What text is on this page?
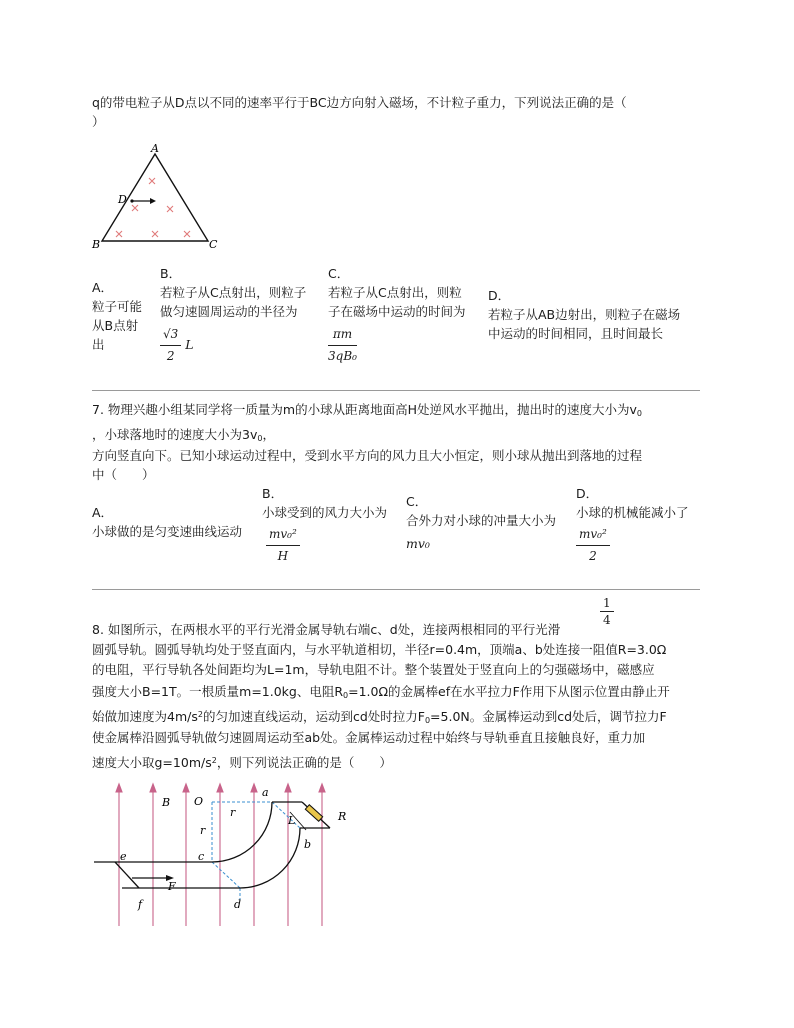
q的带电粒子从D点以不同的速率平行于BC边方向射入磁场，不计粒子重力，下列说法正确的是（
）
A
D
B	C
A．
粒子可能
从B点射
出
B．
若粒子从C点射出，则粒子
做匀速圆周运动的半径为
$\frac{√3}{2}$ L
C．
若粒子从C点射出，则粒
子在磁场中运动的时间为
$\frac{\pi m}{\text{3qB₀}}$
D．
若粒子从AB边射出，则粒子在磁场
中运动的时间相同，且时间最长
7. 物理兴趣小组某同学将一质量为m的小球从距离地面高H处逆风水平抛出，抛出时的速度大小为$v_0$
，小球落地时的速度大小为$3v_0$，
方向竖直向下。已知小球运动过程中，受到水平方向的风力且大小恒定，则小球从抛出到落地的过程
中（　　）
A．
小球做的是匀变速曲线运动
B．
小球受到的风力大小为
$\frac{\text{mv₀²}}{H}$
C．
合外力对小球的冲量大小为
mv₀
D．
小球的机械能减小了
$\frac{\text{mv₀²}}{2}$
$\frac{1}{4}$
8. 如图所示，在两根水平的平行光滑金属导轨右端c、d处，连接两根相同的平行光滑
圆弧导轨。圆弧导轨均处于竖直面内，与水平轨道相切，半径r=0.4m，顶端a、b处连接一阻值R=3.0Ω
的电阻，平行导轨各处间距均为L=1m，导轨电阻不计。整个装置处于竖直向上的匀强磁场中，磁感应
强度大小B=1T。一根质量m=1.0kg、电阻$R_0=1.0\Omega$的金属棒ef在水平拉力F作用下从图示位置由静止开
始做加速度为$4m/s^2$的匀加速直线运动，运动到cd处时拉力$F_0=5.0N$。金属棒运动到cd处后，调节拉力F
使金属棒沿圆弧导轨做匀速圆周运动至ab处。金属棒运动过程中始终与导轨垂直且接触良好，重力加
速度大小取$g=10m/s^2$，则下列说法正确的是（　　）
B O
r
r
a
L	R
c
b
e
F
f	d
